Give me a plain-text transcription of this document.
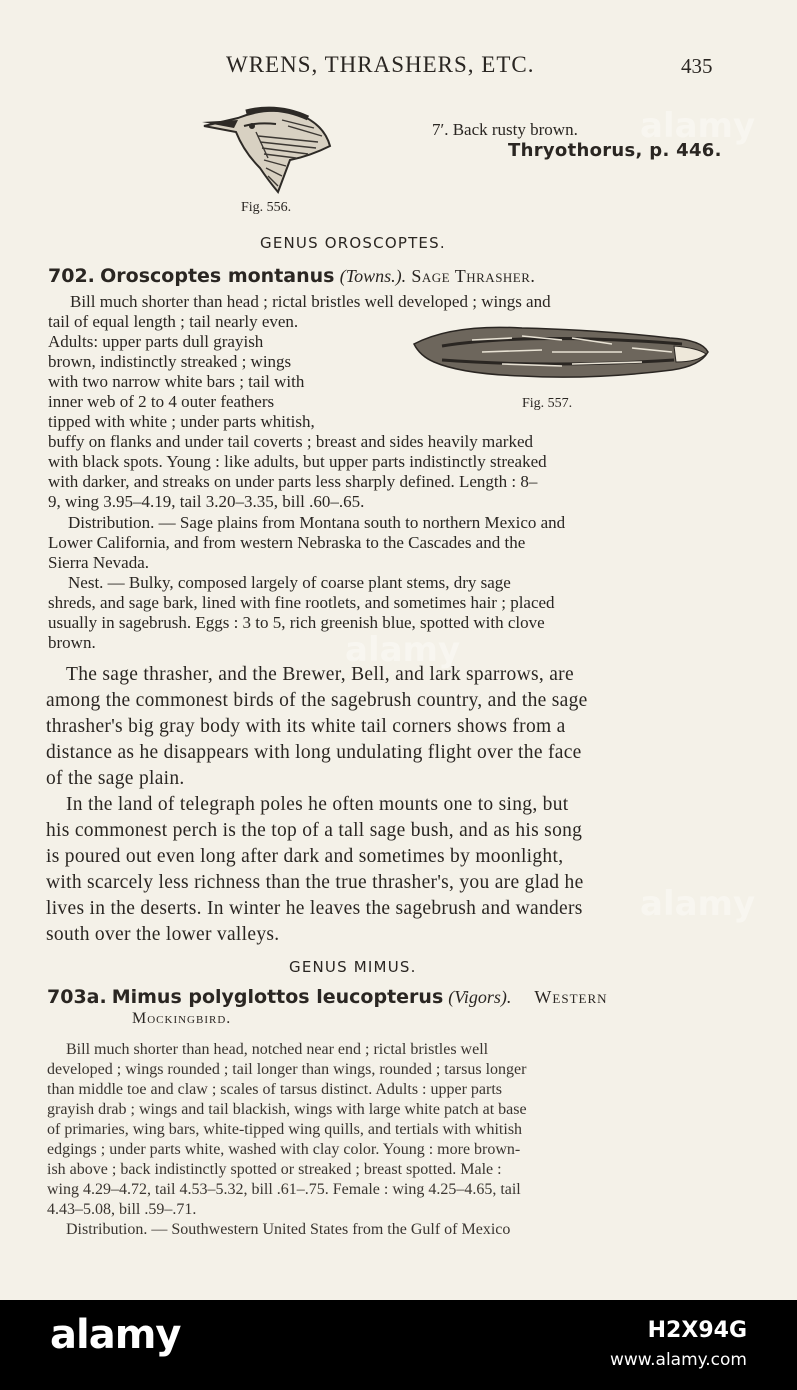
WRENS, THRASHERS, ETC.	435
Fig. 556.
7′. Back rusty brown.
Thryothorus, p. 446.
GENUS OROSCOPTES.
702. Oroscoptes montanus (Towns.). Sage Thrasher.
Fig. 557.
Bill much shorter than head ; rictal bristles well developed ; wings and
tail of equal length ; tail nearly even.
Adults: upper parts dull grayish
brown, indistinctly streaked ; wings
with two narrow white bars ; tail with
inner web of 2 to 4 outer feathers
tipped with white ; under parts whitish,
buffy on flanks and under tail coverts ; breast and sides heavily marked
with black spots. Young : like adults, but upper parts indistinctly streaked
with darker, and streaks on under parts less sharply defined. Length : 8–
9, wing 3.95–4.19, tail 3.20–3.35, bill .60–.65.
Distribution. — Sage plains from Montana south to northern Mexico and
Lower California, and from western Nebraska to the Cascades and the
Sierra Nevada.
Nest. — Bulky, composed largely of coarse plant stems, dry sage
shreds, and sage bark, lined with fine rootlets, and sometimes hair ; placed
usually in sagebrush. Eggs : 3 to 5, rich greenish blue, spotted with clove
brown.
The sage thrasher, and the Brewer, Bell, and lark sparrows, are
among the commonest birds of the sagebrush country, and the sage
thrasher's big gray body with its white tail corners shows from a
distance as he disappears with long undulating flight over the face
of the sage plain.
In the land of telegraph poles he often mounts one to sing, but
his commonest perch is the top of a tall sage bush, and as his song
is poured out even long after dark and sometimes by moonlight,
with scarcely less richness than the true thrasher's, you are glad he
lives in the deserts. In winter he leaves the sagebrush and wanders
south over the lower valleys.
GENUS MIMUS.
703a. Mimus polyglottos leucopterus (Vigors). Western
Mockingbird.
Bill much shorter than head, notched near end ; rictal bristles well
developed ; wings rounded ; tail longer than wings, rounded ; tarsus longer
than middle toe and claw ; scales of tarsus distinct. Adults : upper parts
grayish drab ; wings and tail blackish, wings with large white patch at base
of primaries, wing bars, white-tipped wing quills, and tertials with whitish
edgings ; under parts white, washed with clay color. Young : more brown-
ish above ; back indistinctly spotted or streaked ; breast spotted. Male :
wing 4.29–4.72, tail 4.53–5.32, bill .61–.75. Female : wing 4.25–4.65, tail
4.43–5.08, bill .59–.71.
Distribution. — Southwestern United States from the Gulf of Mexico
alamy
alamy
alamy
alamy	H2X94G
www.alamy.com
